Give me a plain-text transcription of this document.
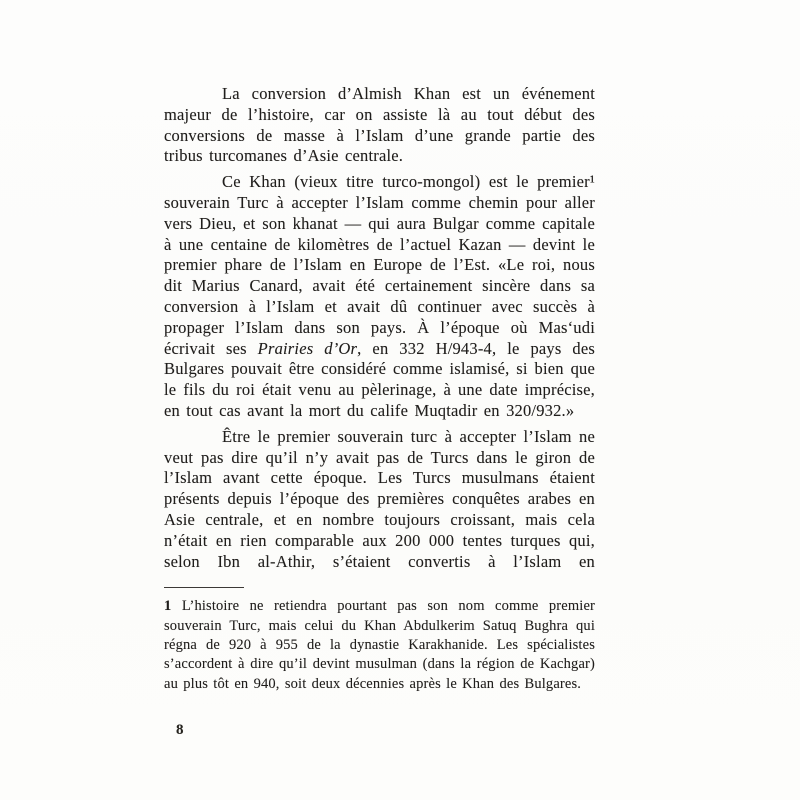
La conversion d’Almish Khan est un événement majeur de l’histoire, car on assiste là au tout début des conversions de masse à l’Islam d’une grande partie des tribus turcomanes d’Asie centrale.

Ce Khan (vieux titre turco-mongol) est le premier¹ souverain Turc à accepter l’Islam comme chemin pour aller vers Dieu, et son khanat — qui aura Bulgar comme capitale à une centaine de kilomètres de l’actuel Kazan — devint le premier phare de l’Islam en Europe de l’Est. «Le roi, nous dit Marius Canard, avait été certainement sincère dans sa conversion à l’Islam et avait dû continuer avec succès à propager l’Islam dans son pays. À l’époque où Mas‘udi écrivait ses Prairies d’Or, en 332 H/943-4, le pays des Bulgares pouvait être considéré comme islamisé, si bien que le fils du roi était venu au pèlerinage, à une date imprécise, en tout cas avant la mort du calife Muqtadir en 320/932.»

Être le premier souverain turc à accepter l’Islam ne veut pas dire qu’il n’y avait pas de Turcs dans le giron de l’Islam avant cette époque. Les Turcs musulmans étaient présents depuis l’époque des premières conquêtes arabes en Asie centrale, et en nombre toujours croissant, mais cela n’était en rien comparable aux 200 000 tentes turques qui, selon Ibn al-Athir, s’étaient convertis à l’Islam en

1 L’histoire ne retiendra pourtant pas son nom comme premier souverain Turc, mais celui du Khan Abdulkerim Satuq Bughra qui régna de 920 à 955 de la dynastie Karakhanide. Les spécialistes s’accordent à dire qu’il devint musulman (dans la région de Kachgar) au plus tôt en 940, soit deux décennies après le Khan des Bulgares.

8
